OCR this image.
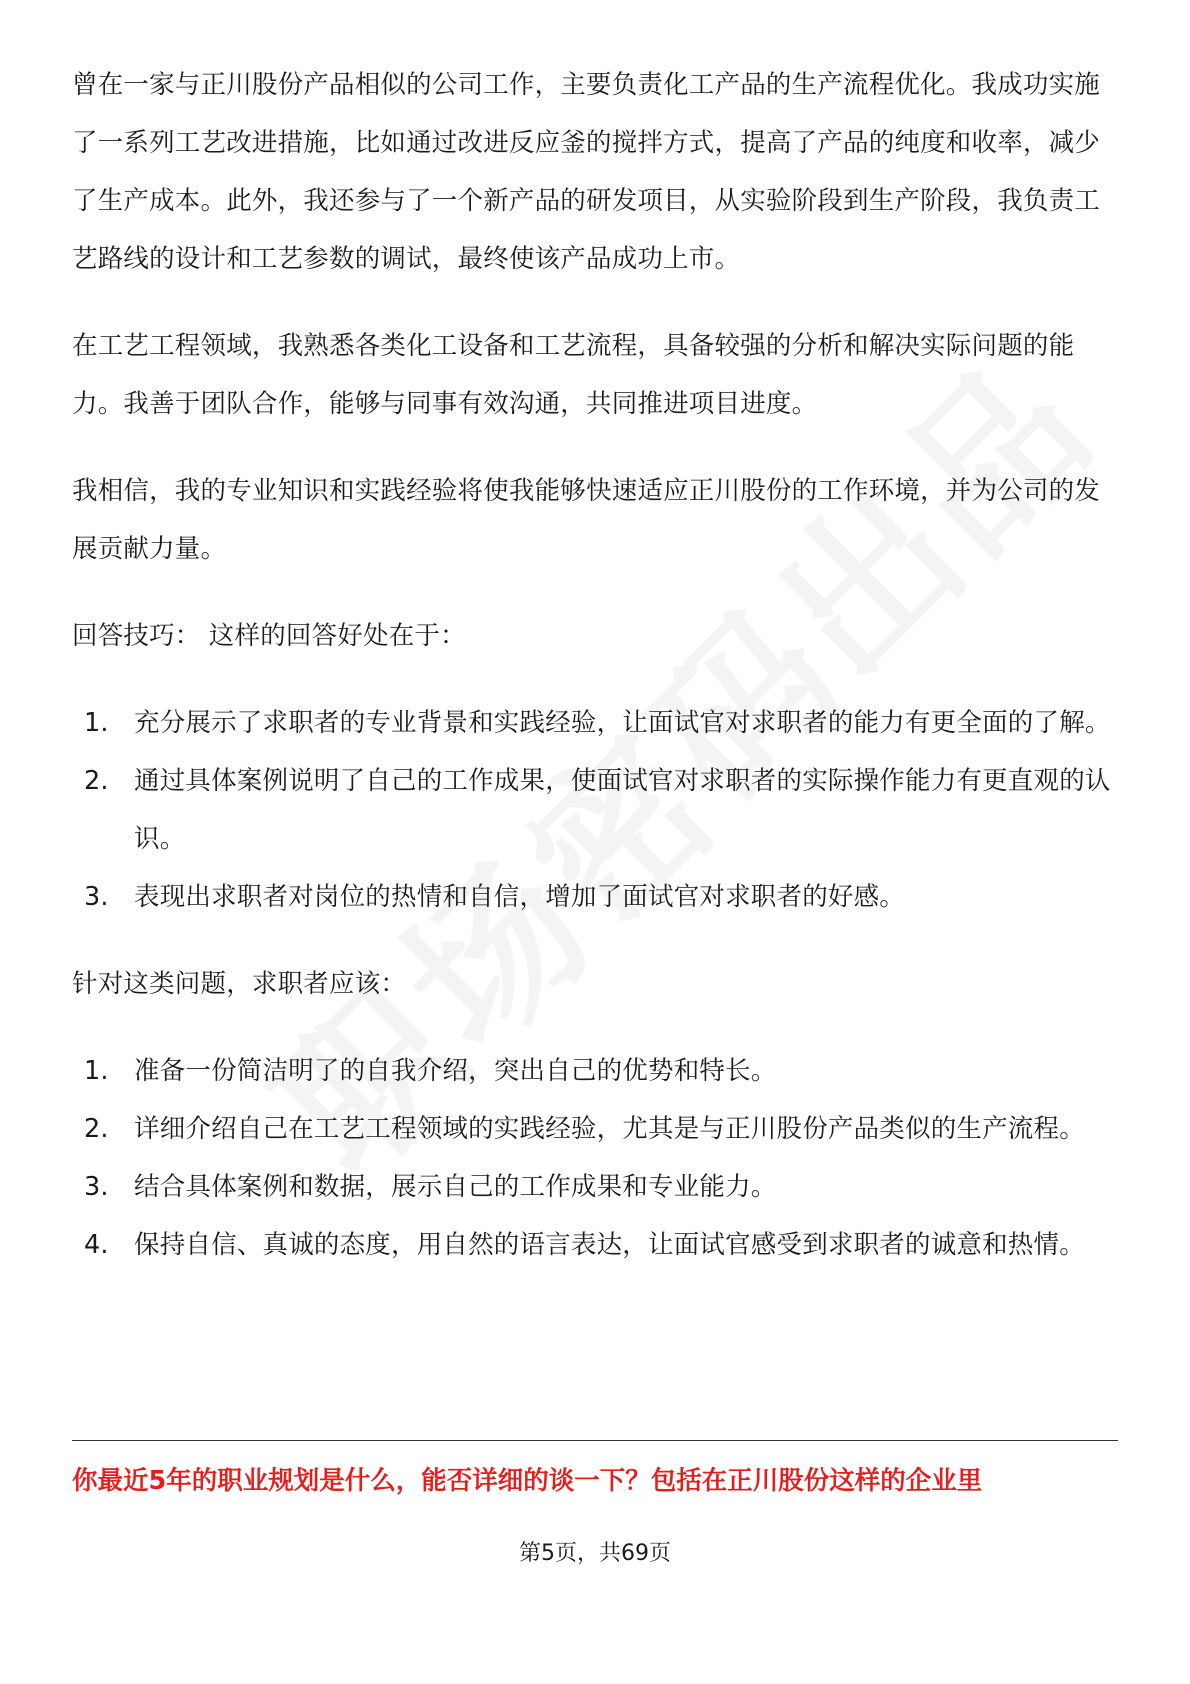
曾在一家与正川股份产品相似的公司工作，主要负责化工产品的生产流程优化。我成功实施了一系列工艺改进措施，比如通过改进反应釜的搅拌方式，提高了产品的纯度和收率，减少了生产成本。此外，我还参与了一个新产品的研发项目，从实验阶段到生产阶段，我负责工艺路线的设计和工艺参数的调试，最终使该产品成功上市。

在工艺工程领域，我熟悉各类化工设备和工艺流程，具备较强的分析和解决实际问题的能力。我善于团队合作，能够与同事有效沟通，共同推进项目进度。

我相信，我的专业知识和实践经验将使我能够快速适应正川股份的工作环境，并为公司的发展贡献力量。

回答技巧： 这样的回答好处在于：

1. 充分展示了求职者的专业背景和实践经验，让面试官对求职者的能力有更全面的了解。
2. 通过具体案例说明了自己的工作成果，使面试官对求职者的实际操作能力有更直观的认识。
3. 表现出求职者对岗位的热情和自信，增加了面试官对求职者的好感。

针对这类问题，求职者应该：

1. 准备一份简洁明了的自我介绍，突出自己的优势和特长。
2. 详细介绍自己在工艺工程领域的实践经验，尤其是与正川股份产品类似的生产流程。
3. 结合具体案例和数据，展示自己的工作成果和专业能力。
4. 保持自信、真诚的态度，用自然的语言表达，让面试官感受到求职者的诚意和热情。
你最近5年的职业规划是什么，能否详细的谈一下？包括在正川股份这样的企业里
第5页，共69页
